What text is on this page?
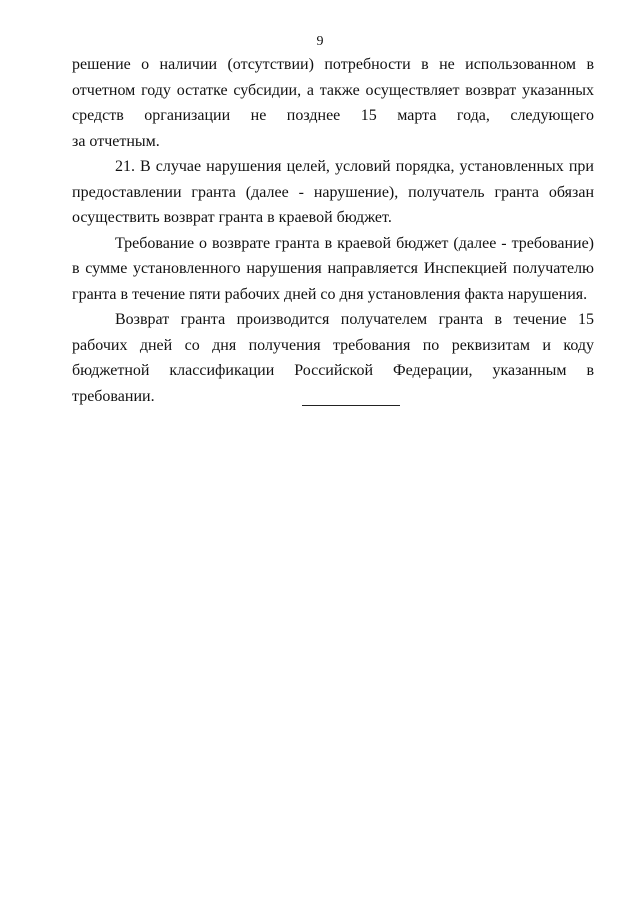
9

решение о наличии (отсутствии) потребности в не использованном в
отчетном году остатке субсидии, а также осуществляет возврат указанных
средств организации не позднее 15 марта года, следующего
за отчетным.

21. В случае нарушения целей, условий порядка, установленных при предоставлении гранта (далее - нарушение), получатель гранта обязан осуществить возврат гранта в краевой бюджет.

Требование о возврате гранта в краевой бюджет (далее - требование) в сумме установленного нарушения направляется Инспекцией получателю гранта в течение пяти рабочих дней со дня установления факта нарушения.

Возврат гранта производится получателем гранта в течение 15 рабочих дней со дня получения требования по реквизитам и коду бюджетной классификации Российской Федерации, указанным в требовании.
